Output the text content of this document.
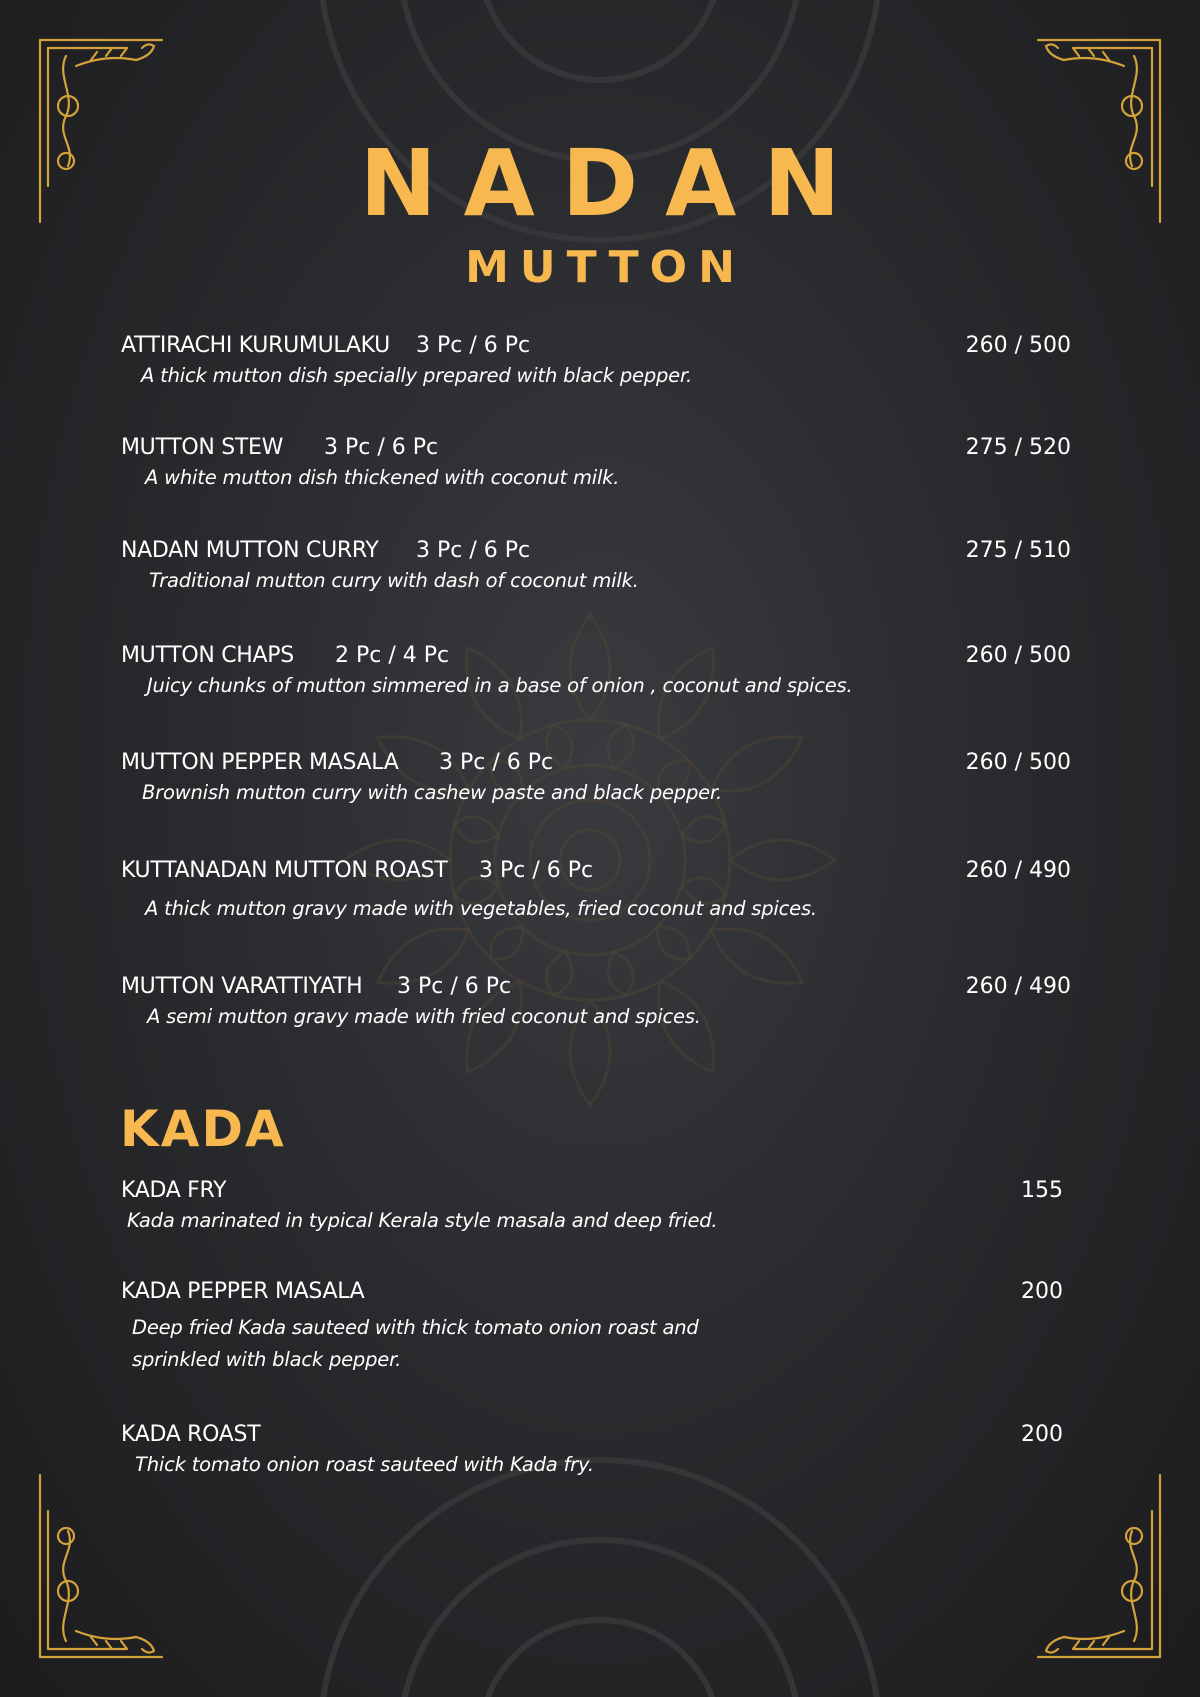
NADAN
MUTTON
ATTIRACHI KURUMULAKU 3 Pc / 6 Pc	260 / 500
A thick mutton dish specially prepared with black pepper.
MUTTON STEW 3 Pc / 6 Pc	275 / 520
A white mutton dish thickened with coconut milk.
NADAN MUTTON CURRY 3 Pc / 6 Pc	275 / 510
Traditional mutton curry with dash of coconut milk.
MUTTON CHAPS 2 Pc / 4 Pc	260 / 500
Juicy chunks of mutton simmered in a base of onion , coconut and spices.
MUTTON PEPPER MASALA 3 Pc / 6 Pc	260 / 500
Brownish mutton curry with cashew paste and black pepper.
KUTTANADAN MUTTON ROAST 3 Pc / 6 Pc	260 / 490
A thick mutton gravy made with vegetables, fried coconut and spices.
MUTTON VARATTIYATH 3 Pc / 6 Pc	260 / 490
A semi mutton gravy made with fried coconut and spices.
KADA
KADA FRY	155
Kada marinated in typical Kerala style masala and deep fried.
KADA PEPPER MASALA	200
Deep fried Kada sauteed with thick tomato onion roast and
sprinkled with black pepper.
KADA ROAST	200
Thick tomato onion roast sauteed with Kada fry.
